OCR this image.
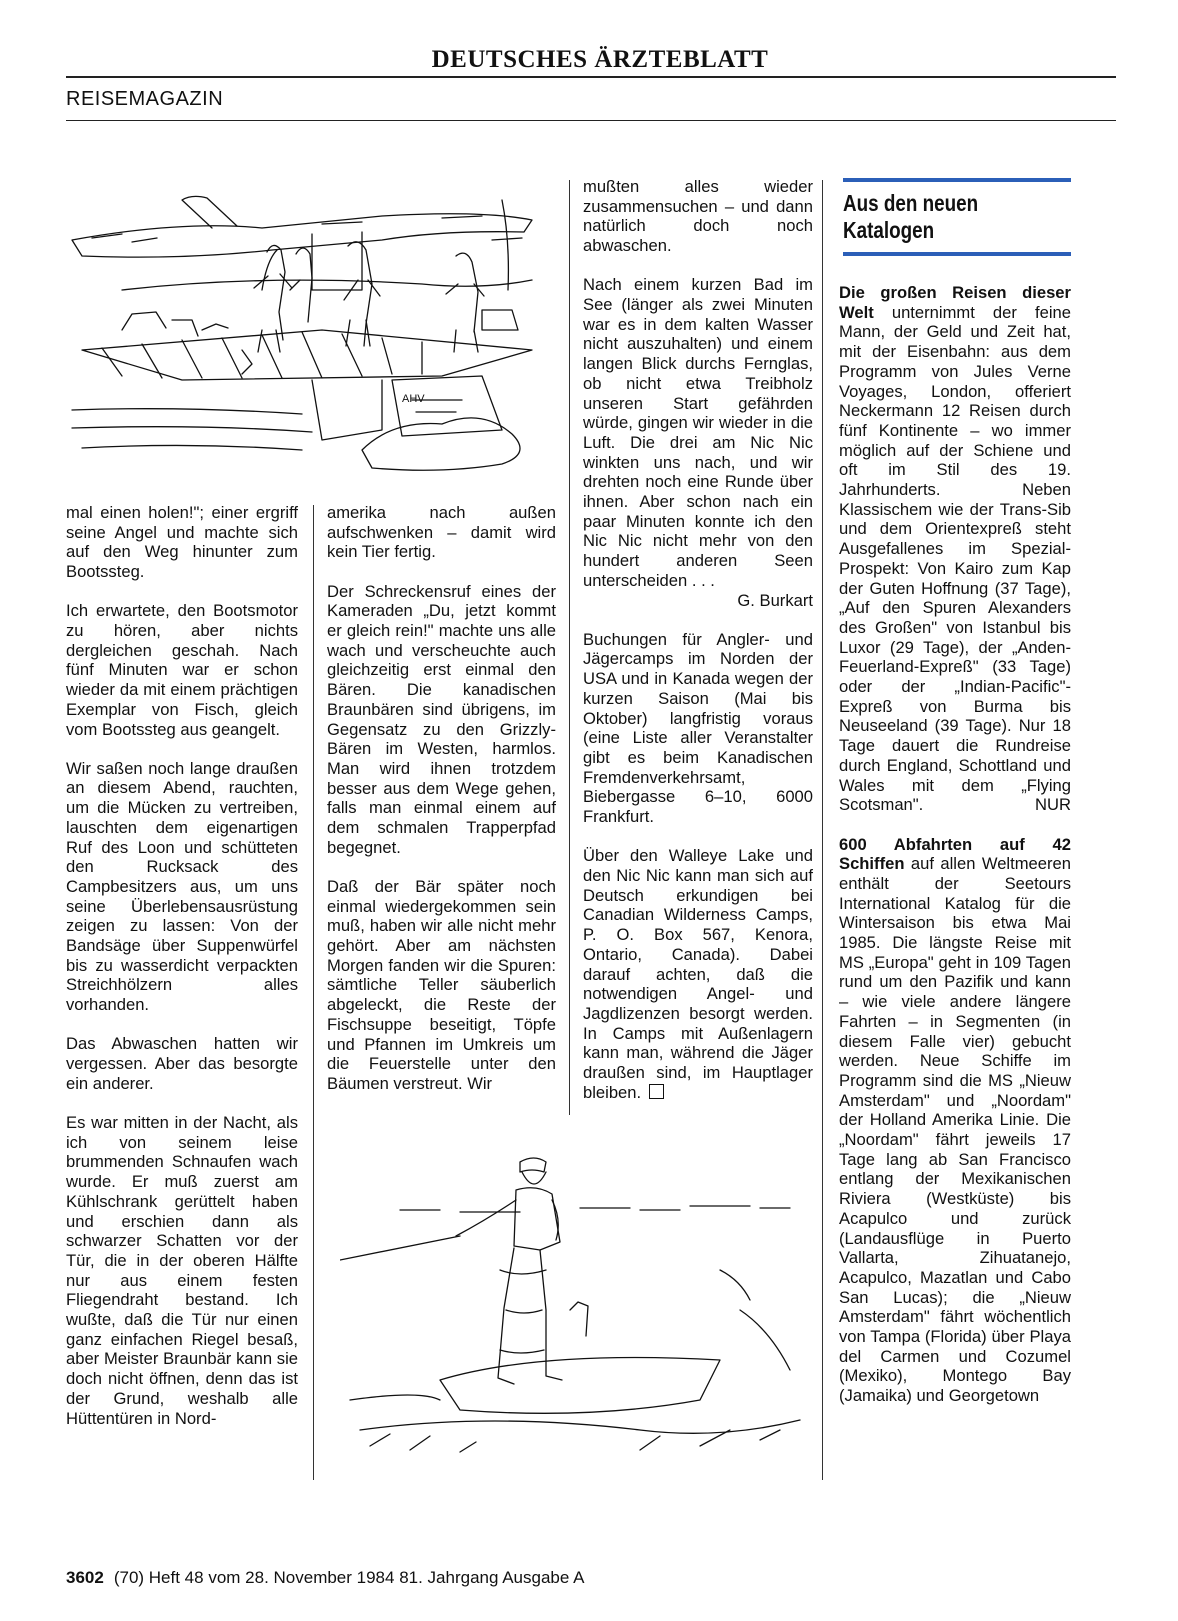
DEUTSCHES ÄRZTEBLATT
REISEMAGAZIN
AHV

mal einen holen!"; einer ergriff seine Angel und machte sich auf den Weg hinunter zum Bootssteg.

Ich erwartete, den Bootsmotor zu hören, aber nichts dergleichen geschah. Nach fünf Minuten war er schon wieder da mit einem prächtigen Exemplar von Fisch, gleich vom Bootssteg aus geangelt.

Wir saßen noch lange draußen an diesem Abend, rauchten, um die Mücken zu vertreiben, lauschten dem eigenartigen Ruf des Loon und schütteten den Rucksack des Campbesitzers aus, um uns seine Überlebensausrüstung zeigen zu lassen: Von der Bandsäge über Suppenwürfel bis zu wasserdicht verpackten Streichhölzern alles vorhanden.

Das Abwaschen hatten wir vergessen. Aber das besorgte ein anderer.

Es war mitten in der Nacht, als ich von seinem leise brummenden Schnaufen wach wurde. Er muß zuerst am Kühlschrank gerüttelt haben und erschien dann als schwarzer Schatten vor der Tür, die in der oberen Hälfte nur aus einem festen Fliegendraht bestand. Ich wußte, daß die Tür nur einen ganz einfachen Riegel besaß, aber Meister Braunbär kann sie doch nicht öffnen, denn das ist der Grund, weshalb alle Hüttentüren in Nord-

amerika nach außen aufschwenken – damit wird kein Tier fertig.

Der Schreckensruf eines der Kameraden „Du, jetzt kommt er gleich rein!" machte uns alle wach und verscheuchte auch gleichzeitig erst einmal den Bären. Die kanadischen Braunbären sind übrigens, im Gegensatz zu den Grizzly-Bären im Westen, harmlos. Man wird ihnen trotzdem besser aus dem Wege gehen, falls man einmal einem auf dem schmalen Trapperpfad begegnet.

Daß der Bär später noch einmal wiedergekommen sein muß, haben wir alle nicht mehr gehört. Aber am nächsten Morgen fanden wir die Spuren: sämtliche Teller säuberlich abgeleckt, die Reste der Fischsuppe beseitigt, Töpfe und Pfannen im Umkreis um die Feuerstelle unter den Bäumen verstreut. Wir

mußten alles wieder zusammensuchen – und dann natürlich doch noch abwaschen.

Nach einem kurzen Bad im See (länger als zwei Minuten war es in dem kalten Wasser nicht auszuhalten) und einem langen Blick durchs Fernglas, ob nicht etwa Treibholz unseren Start gefährden würde, gingen wir wieder in die Luft. Die drei am Nic Nic winkten uns nach, und wir drehten noch eine Runde über ihnen. Aber schon nach ein paar Minuten konnte ich den Nic Nic nicht mehr von den hundert anderen Seen unterscheiden . . .

G. Burkart

Buchungen für Angler- und Jägercamps im Norden der USA und in Kanada wegen der kurzen Saison (Mai bis Oktober) langfristig voraus (eine Liste aller Veranstalter gibt es beim Kanadischen Fremdenverkehrsamt, Biebergasse 6–10, 6000 Frankfurt.

Über den Walleye Lake und den Nic Nic kann man sich auf Deutsch erkundigen bei Canadian Wilderness Camps, P. O. Box 567, Kenora, Ontario, Canada). Dabei darauf achten, daß die notwendigen Angel- und Jagdlizenzen besorgt werden. In Camps mit Außenlagern kann man, während die Jäger draußen sind, im Hauptlager bleiben.

Aus den neuen
Katalogen

Die großen Reisen dieser Welt unternimmt der feine Mann, der Geld und Zeit hat, mit der Eisenbahn: aus dem Programm von Jules Verne Voyages, London, offeriert Neckermann 12 Reisen durch fünf Kontinente – wo immer möglich auf der Schiene und oft im Stil des 19. Jahrhunderts. Neben Klassischem wie der Trans-Sib und dem Orientexpreß steht Ausgefallenes im Spezial-Prospekt: Von Kairo zum Kap der Guten Hoffnung (37 Tage), „Auf den Spuren Alexanders des Großen" von Istanbul bis Luxor (29 Tage), der „Anden-Feuerland-Expreß" (33 Tage) oder der „Indian-Pacific"-Expreß von Burma bis Neuseeland (39 Tage). Nur 18 Tage dauert die Rundreise durch England, Schottland und Wales mit dem „Flying Scotsman".	NUR

600 Abfahrten auf 42 Schiffen auf allen Weltmeeren enthält der Seetours International Katalog für die Wintersaison bis etwa Mai 1985. Die längste Reise mit MS „Europa" geht in 109 Tagen rund um den Pazifik und kann – wie viele andere längere Fahrten – in Segmenten (in diesem Falle vier) gebucht werden. Neue Schiffe im Programm sind die MS „Nieuw Amsterdam" und „Noordam" der Holland Amerika Linie. Die „Noordam" fährt jeweils 17 Tage lang ab San Francisco entlang der Mexikanischen Riviera (Westküste) bis Acapulco und zurück (Landausflüge in Puerto Vallarta, Zihuatanejo, Acapulco, Mazatlan und Cabo San Lucas); die „Nieuw Amsterdam" fährt wöchentlich von Tampa (Florida) über Playa del Carmen und Cozumel (Mexiko), Montego Bay (Jamaika) und Georgetown

3602 (70) Heft 48 vom 28. November 1984 81. Jahrgang Ausgabe A
